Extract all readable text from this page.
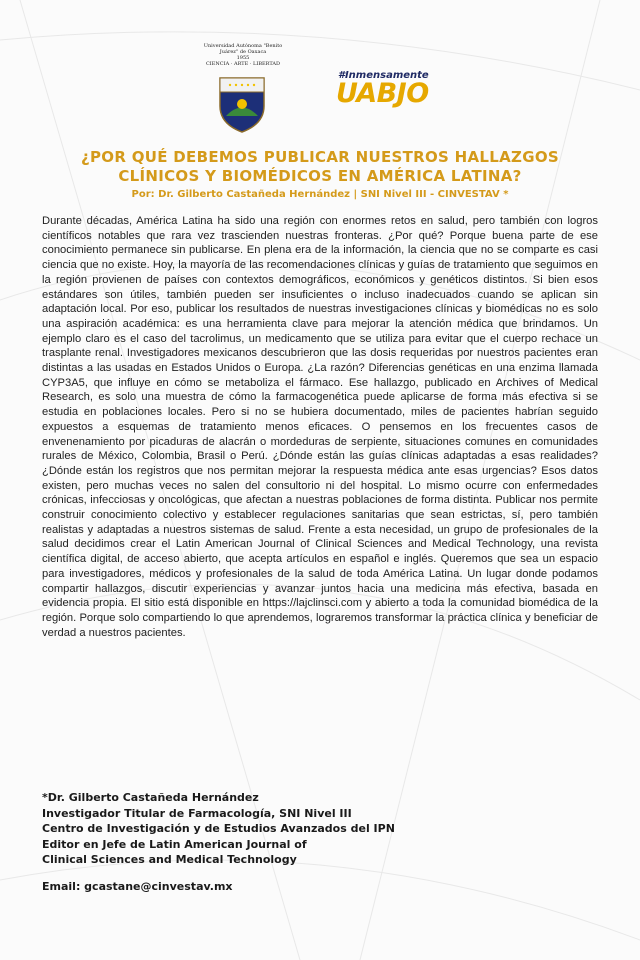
Universidad Autónoma "Benito Juárez" de Oaxaca
1955
CIENCIA · ARTE · LIBERTAD
#Inmensamente
UABJO
¿POR QUÉ DEBEMOS PUBLICAR NUESTROS HALLAZGOS CLÍNICOS Y BIOMÉDICOS EN AMÉRICA LATINA?
Por: Dr. Gilberto Castañeda Hernández | SNI Nivel III - CINVESTAV *
Durante décadas, América Latina ha sido una región con enormes retos en salud, pero también con logros científicos notables que rara vez trascienden nuestras fronteras. ¿Por qué? Porque buena parte de ese conocimiento permanece sin publicarse. En plena era de la información, la ciencia que no se comparte es casi ciencia que no existe. Hoy, la mayoría de las recomendaciones clínicas y guías de tratamiento que seguimos en la región provienen de países con contextos demográficos, económicos y genéticos distintos. Si bien esos estándares son útiles, también pueden ser insuficientes o incluso inadecuados cuando se aplican sin adaptación local. Por eso, publicar los resultados de nuestras investigaciones clínicas y biomédicas no es solo una aspiración académica: es una herramienta clave para mejorar la atención médica que brindamos. Un ejemplo claro es el caso del tacrolimus, un medicamento que se utiliza para evitar que el cuerpo rechace un trasplante renal. Investigadores mexicanos descubrieron que las dosis requeridas por nuestros pacientes eran distintas a las usadas en Estados Unidos o Europa. ¿La razón? Diferencias genéticas en una enzima llamada CYP3A5, que influye en cómo se metaboliza el fármaco. Ese hallazgo, publicado en Archives of Medical Research, es solo una muestra de cómo la farmacogenética puede aplicarse de forma más efectiva si se estudia en poblaciones locales. Pero si no se hubiera documentado, miles de pacientes habrían seguido expuestos a esquemas de tratamiento menos eficaces. O pensemos en los frecuentes casos de envenenamiento por picaduras de alacrán o mordeduras de serpiente, situaciones comunes en comunidades rurales de México, Colombia, Brasil o Perú. ¿Dónde están las guías clínicas adaptadas a esas realidades? ¿Dónde están los registros que nos permitan mejorar la respuesta médica ante esas urgencias? Esos datos existen, pero muchas veces no salen del consultorio ni del hospital. Lo mismo ocurre con enfermedades crónicas, infecciosas y oncológicas, que afectan a nuestras poblaciones de forma distinta. Publicar nos permite construir conocimiento colectivo y establecer regulaciones sanitarias que sean estrictas, sí, pero también realistas y adaptadas a nuestros sistemas de salud. Frente a esta necesidad, un grupo de profesionales de la salud decidimos crear el Latin American Journal of Clinical Sciences and Medical Technology, una revista científica digital, de acceso abierto, que acepta artículos en español e inglés. Queremos que sea un espacio para investigadores, médicos y profesionales de la salud de toda América Latina. Un lugar donde podamos compartir hallazgos, discutir experiencias y avanzar juntos hacia una medicina más efectiva, basada en evidencia propia. El sitio está disponible en https://lajclinsci.com y abierto a toda la comunidad biomédica de la región. Porque solo compartiendo lo que aprendemos, lograremos transformar la práctica clínica y beneficiar de verdad a nuestros pacientes.
*Dr. Gilberto Castañeda Hernández
Investigador Titular de Farmacología, SNI Nivel III
Centro de Investigación y de Estudios Avanzados del IPN
Editor en Jefe de Latin American Journal of
Clinical Sciences and Medical Technology
Email: gcastane@cinvestav.mx
